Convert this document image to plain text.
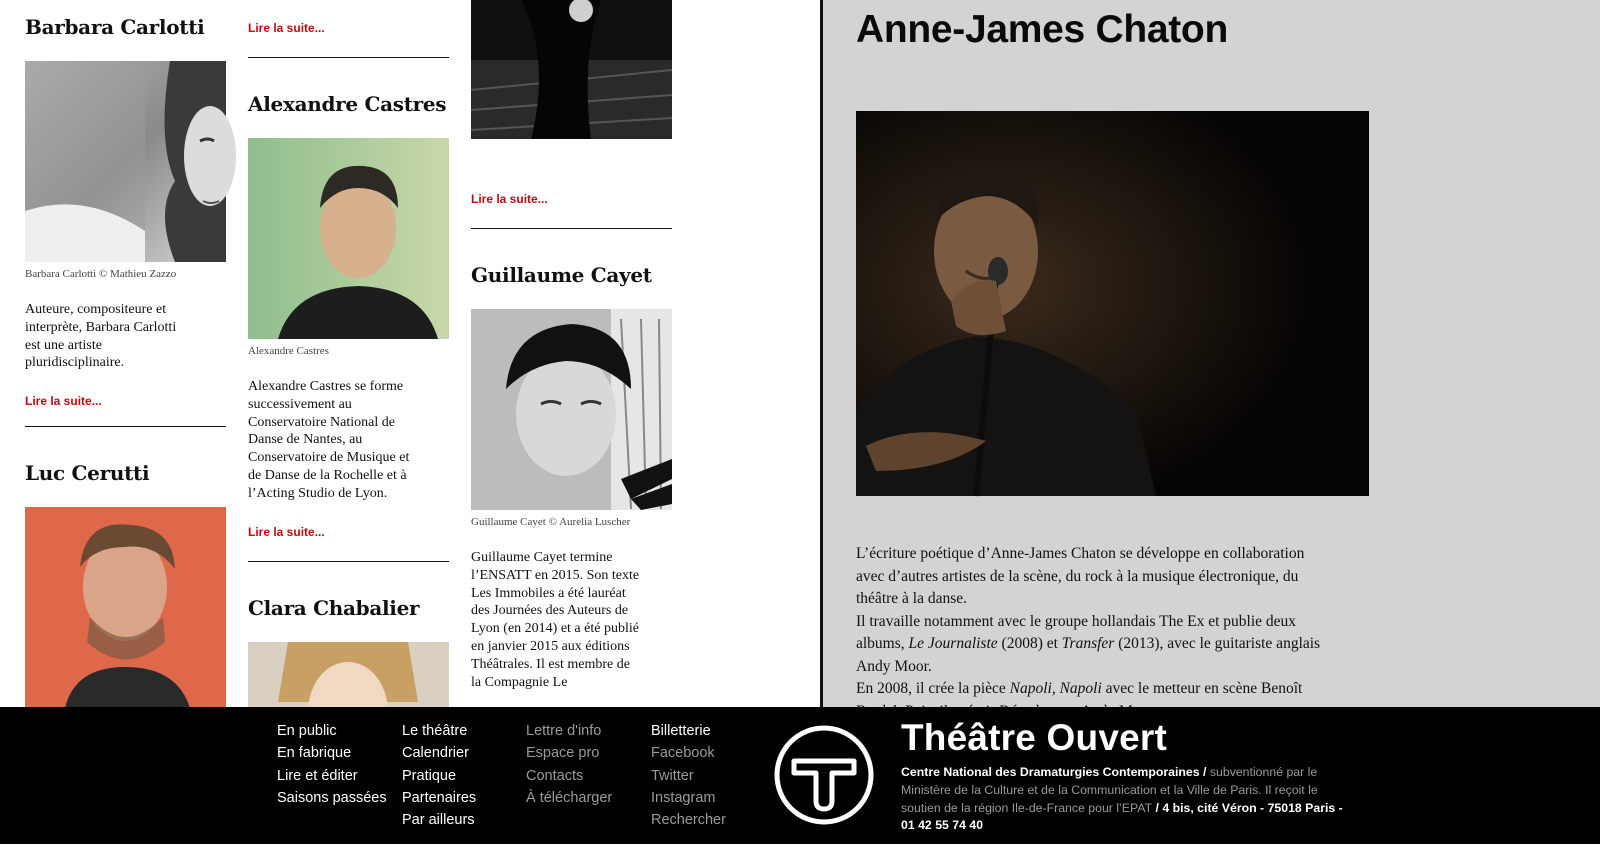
Barbara Carlotti
Barbara Carlotti © Mathieu Zazzo
Auteure, compositeure et interprète, Barbara Carlotti est une artiste pluridisciplinaire.
Lire la suite...
Luc Cerutti
Lire la suite...
Alexandre Castres
Alexandre Castres
Alexandre Castres se forme successivement au Conservatoire National de Danse de Nantes, au Conservatoire de Musique et de Danse de la Rochelle et à l’Acting Studio de Lyon.
Lire la suite...
Clara Chabalier
Lire la suite...
Guillaume Cayet
Guillaume Cayet © Aurelia Luscher
Guillaume Cayet termine l’ENSATT en 2015. Son texte Les Immobiles a été lauréat des Journées des Auteurs de Lyon (en 2014) et a été publié en janvier 2015 aux éditions Théâtrales. Il est membre de la Compagnie Le
Anne-James Chaton

L’écriture poétique d’Anne-James Chaton se développe en collaboration avec d’autres artistes de la scène, du rock à la musique électronique, du théâtre à la danse.

Il travaille notamment avec le groupe hollandais The Ex et publie deux albums, Le Journaliste (2008) et Transfer (2013), avec le guitariste anglais Andy Moor.

En 2008, il crée la pièce Napoli, Napoli avec le metteur en scène Benoît

En public
En fabrique
Lire et éditer
Saisons passées
Le théâtre
Calendrier
Pratique
Partenaires
Par ailleurs
Lettre d'info
Espace pro
Contacts
À télécharger
Billetterie
Facebook
Twitter
Instagram
Rechercher
Théâtre Ouvert
Centre National des Dramaturgies Contemporaines / subventionné par le Ministère de la Culture et de la Communication et la Ville de Paris. Il reçoit le soutien de la région Ile-de-France pour l’EPAT / 4 bis, cité Véron - 75018 Paris - 01 42 55 74 40
